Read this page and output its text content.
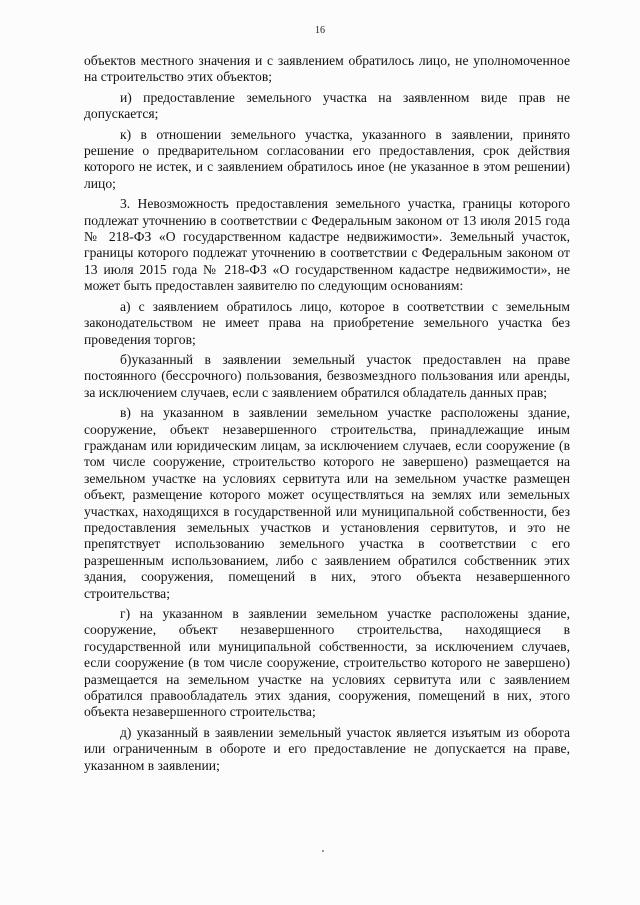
16

объектов местного значения и с заявлением обратилось лицо, не уполномоченное на строительство этих объектов;

и) предоставление земельного участка на заявленном виде прав не допускается;

к) в отношении земельного участка, указанного в заявлении, принято решение о предварительном согласовании его предоставления, срок действия которого не истек, и с заявлением обратилось иное (не указанное в этом решении) лицо;

3. Невозможность предоставления земельного участка, границы которого подлежат уточнению в соответствии с Федеральным законом от 13 июля 2015 года № 218-ФЗ «О государственном кадастре недвижимости». Земельный участок, границы которого подлежат уточнению в соответствии с Федеральным законом от 13 июля 2015 года № 218-ФЗ «О государственном кадастре недвижимости», не может быть предоставлен заявителю по следующим основаниям:

а) с заявлением обратилось лицо, которое в соответствии с земельным законодательством не имеет права на приобретение земельного участка без проведения торгов;

б)указанный в заявлении земельный участок предоставлен на праве постоянного (бессрочного) пользования, безвозмездного пользования или аренды, за исключением случаев, если с заявлением обратился обладатель данных прав;

в) на указанном в заявлении земельном участке расположены здание, сооружение, объект незавершенного строительства, принадлежащие иным гражданам или юридическим лицам, за исключением случаев, если сооружение (в том числе сооружение, строительство которого не завершено) размещается на земельном участке на условиях сервитута или на земельном участке размещен объект, размещение которого может осуществляться на землях или земельных участках, находящихся в государственной или муниципальной собственности, без предоставления земельных участков и установления сервитутов, и это не препятствует использованию земельного участка в соответствии с его разрешенным использованием, либо с заявлением обратился собственник этих здания, сооружения, помещений в них, этого объекта незавершенного строительства;

г) на указанном в заявлении земельном участке расположены здание, сооружение, объект незавершенного строительства, находящиеся в государственной или муниципальной собственности, за исключением случаев, если сооружение (в том числе сооружение, строительство которого не завершено) размещается на земельном участке на условиях сервитута или с заявлением обратился правообладатель этих здания, сооружения, помещений в них, этого объекта незавершенного строительства;

д) указанный в заявлении земельный участок является изъятым из оборота или ограниченным в обороте и его предоставление не допускается на праве, указанном в заявлении;
